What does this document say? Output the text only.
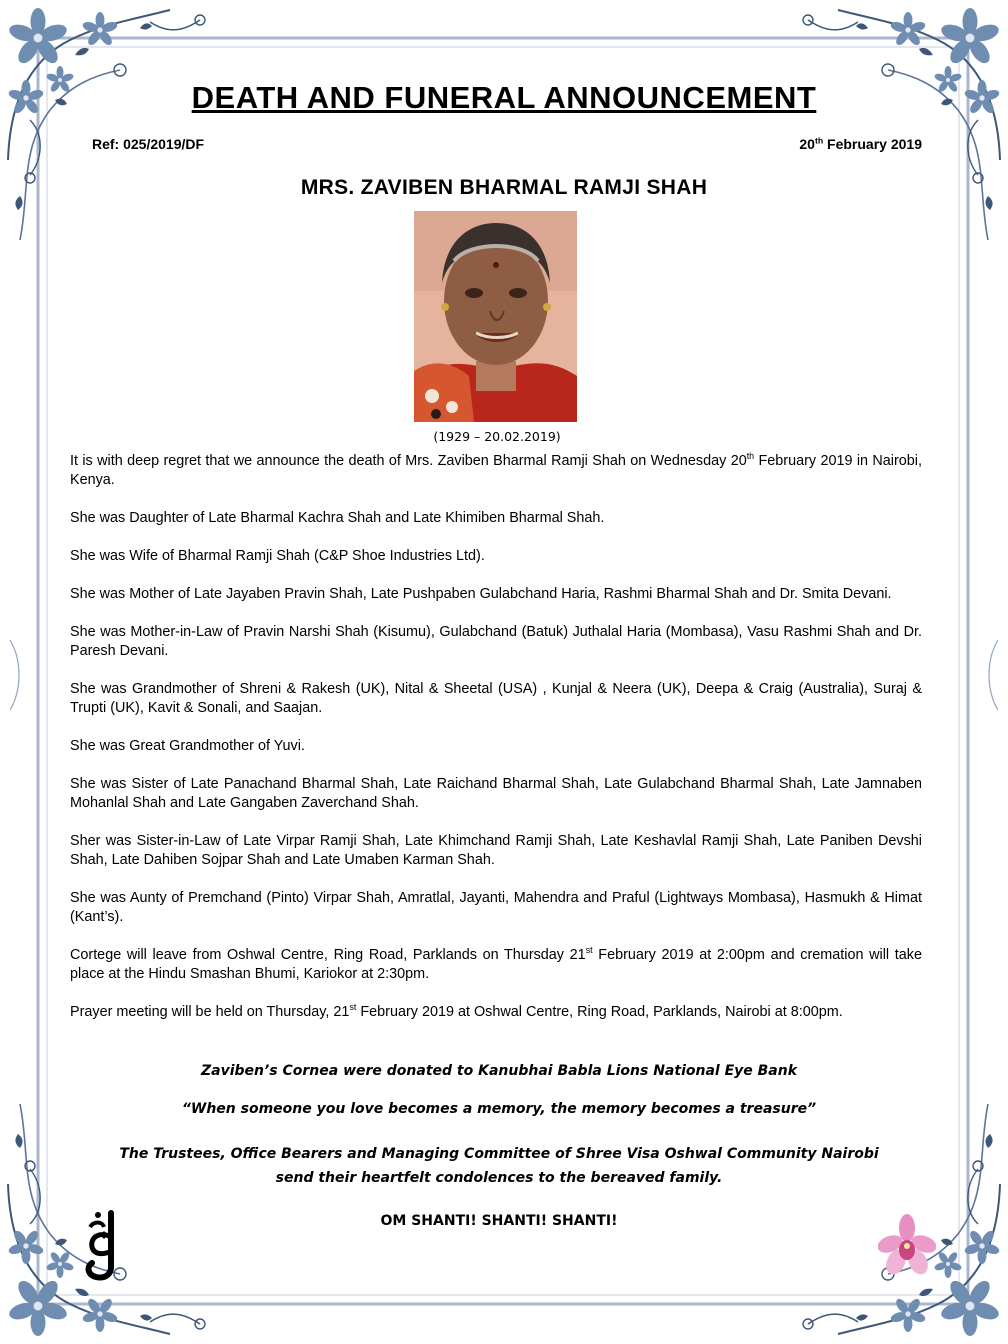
DEATH AND FUNERAL ANNOUNCEMENT
Ref: 025/2019/DF	20th February 2019
MRS. ZAVIBEN BHARMAL RAMJI SHAH
(1929 – 20.02.2019)

It is with deep regret that we announce the death of Mrs. Zaviben Bharmal Ramji Shah on Wednesday 20th February 2019 in Nairobi, Kenya.

She was Daughter of Late Bharmal Kachra Shah and Late Khimiben Bharmal Shah.

She was Wife of Bharmal Ramji Shah (C&P Shoe Industries Ltd).

She was Mother of Late Jayaben Pravin Shah, Late Pushpaben Gulabchand Haria, Rashmi Bharmal Shah and Dr. Smita Devani.

She was Mother-in-Law of Pravin Narshi Shah (Kisumu), Gulabchand (Batuk) Juthalal Haria (Mombasa), Vasu Rashmi Shah and Dr. Paresh Devani.

She was Grandmother of Shreni & Rakesh (UK), Nital & Sheetal (USA) , Kunjal & Neera (UK), Deepa & Craig (Australia), Suraj & Trupti (UK), Kavit & Sonali, and Saajan.

She was Great Grandmother of Yuvi.

She was Sister of Late Panachand Bharmal Shah, Late Raichand Bharmal Shah, Late Gulabchand Bharmal Shah, Late Jamnaben Mohanlal Shah and Late Gangaben Zaverchand Shah.

Sher was Sister-in-Law of Late Virpar Ramji Shah, Late Khimchand Ramji Shah, Late Keshavlal Ramji Shah, Late Paniben Devshi Shah, Late Dahiben Sojpar Shah and Late Umaben Karman Shah.

She was Aunty of Premchand (Pinto) Virpar Shah, Amratlal, Jayanti, Mahendra and Praful (Lightways Mombasa), Hasmukh & Himat (Kant’s).

Cortege will leave from Oshwal Centre, Ring Road, Parklands on Thursday 21st February 2019 at 2:00pm and cremation will take place at the Hindu Smashan Bhumi, Kariokor at 2:30pm.

Prayer meeting will be held on Thursday, 21st February 2019 at Oshwal Centre, Ring Road, Parklands, Nairobi at 8:00pm.

Zaviben’s Cornea were donated to Kanubhai Babla Lions National Eye Bank
“When someone you love becomes a memory, the memory becomes a treasure”
The Trustees, Office Bearers and Managing Committee of Shree Visa Oshwal Community Nairobi
send their heartfelt condolences to the bereaved family.
OM SHANTI! SHANTI! SHANTI!
